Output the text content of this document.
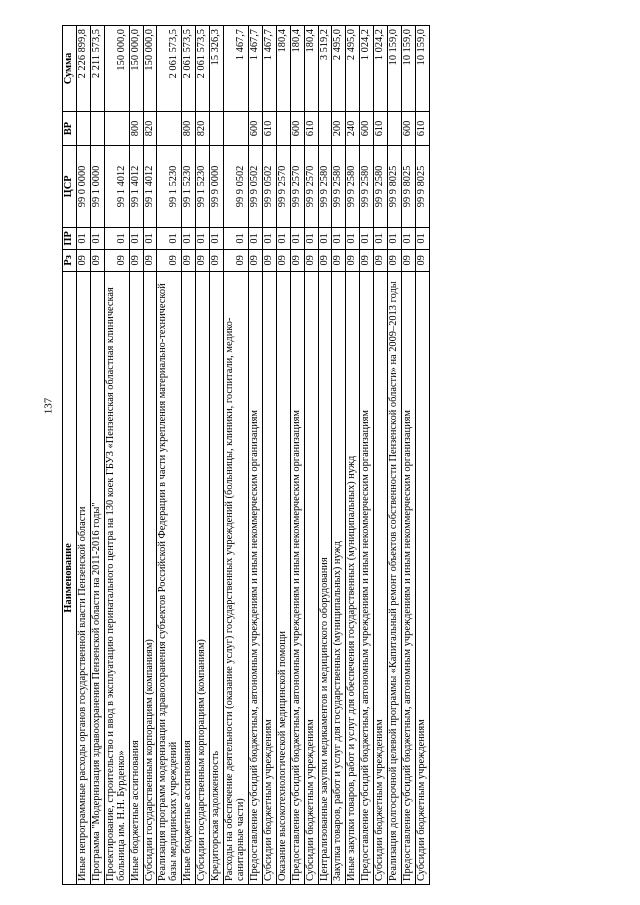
137
Наименование	Рз	ПР	ЦСР	ВР	Сумма
Иные непрограммные расходы органов государственной власти Пензенской области	09	01	99 0 0000		2 226 899,8
Программа "Модернизация здравоохранения Пензенской области на 2011-2016 годы"	09	01	99 1 0000		2 211 573,5
Проектирование, строительство и ввод в эксплуатацию перинатального центра на 130 коек ГБУЗ «Пензенская областная клиническая больница им. Н.Н. Бурденко»	09	01	99 1 4012		150 000,0
Иные бюджетные ассигнования	09	01	99 1 4012	800	150 000,0
Субсидии государственным корпорациям (компаниям)	09	01	99 1 4012	820	150 000,0
Реализация программ модернизации здравоохранения субъектов Российской Федерации в части укрепления материально-технической базы медицинских учреждений	09	01	99 1 5230		2 061 573,5
Иные бюджетные ассигнования	09	01	99 1 5230	800	2 061 573,5
Субсидии государственным корпорациям (компаниям)	09	01	99 1 5230	820	2 061 573,5
Кредиторская задолженность	09	01	99 9 0000		15 326,3
Расходы на обеспечение деятельности (оказание услуг) государственных учреждений (больницы, клиники, госпитали, медико-санитарные части)	09	01	99 9 0502		1 467,7
Предоставление субсидий бюджетным, автономным учреждениям и иным некоммерческим организациям	09	01	99 9 0502	600	1 467,7
Субсидии бюджетным учреждениям	09	01	99 9 0502	610	1 467,7
Оказание высокотехнологической медицинской помощи	09	01	99 9 2570		180,4
Предоставление субсидий бюджетным, автономным учреждениям и иным некоммерческим организациям	09	01	99 9 2570	600	180,4
Субсидии бюджетным учреждениям	09	01	99 9 2570	610	180,4
Централизованные закупки медикаментов и медицинского оборудования	09	01	99 9 2580		3 519,2
Закупка товаров, работ и услуг для государственных (муниципальных) нужд	09	01	99 9 2580	200	2 495,0
Иные закупки товаров, работ и услуг для обеспечения государственных (муниципальных) нужд	09	01	99 9 2580	240	2 495,0
Предоставление субсидий бюджетным, автономным учреждениям и иным некоммерческим организациям	09	01	99 9 2580	600	1 024,2
Субсидии бюджетным учреждениям	09	01	99 9 2580	610	1 024,2
Реализация долгосрочной целевой программы «Капитальный ремонт объектов собственности Пензенской области» на 2009–2013 годы	09	01	99 9 8025		10 159,0
Предоставление субсидий бюджетным, автономным учреждениям и иным некоммерческим организациям	09	01	99 9 8025	600	10 159,0
Субсидии бюджетным учреждениям	09	01	99 9 8025	610	10 159,0
